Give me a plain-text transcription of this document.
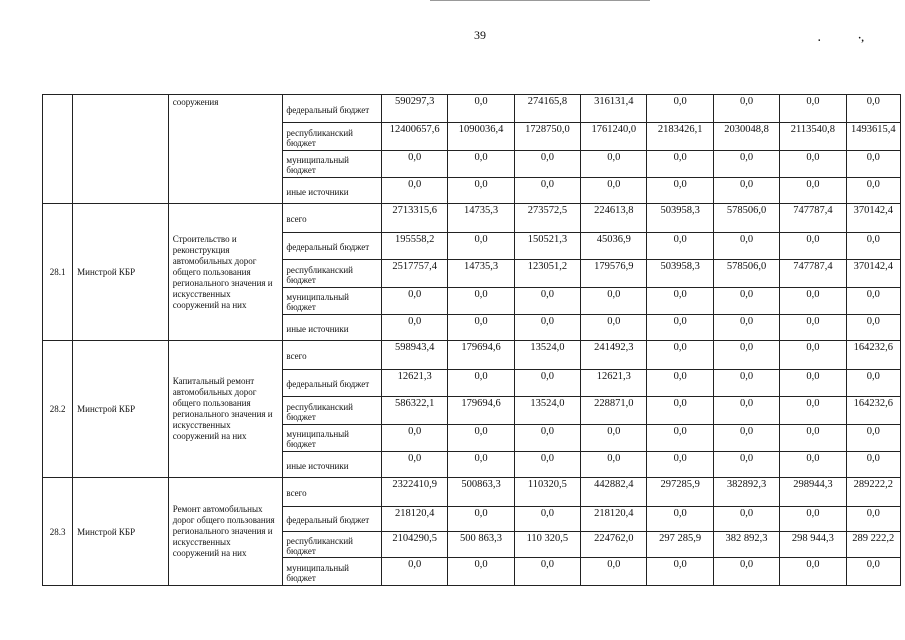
39	.	·,
		сооружения	федеральный бюджет	590297,3	0,0	274165,8	316131,4	0,0	0,0	0,0	0,0
			республиканский бюджет	12400657,6	1090036,4	1728750,0	1761240,0	2183426,1	2030048,8	2113540,8	1493615,4
			муниципальный бюджет	0,0	0,0	0,0	0,0	0,0	0,0	0,0	0,0
			иные источники	0,0	0,0	0,0	0,0	0,0	0,0	0,0	0,0
28.1	Минстрой КБР	Строительство и реконструкция автомобильных дорог общего пользования регионального значения и искусственных сооружений на них	всего	2713315,6	14735,3	273572,5	224613,8	503958,3	578506,0	747787,4	370142,4
			федеральный бюджет	195558,2	0,0	150521,3	45036,9	0,0	0,0	0,0	0,0
			республиканский бюджет	2517757,4	14735,3	123051,2	179576,9	503958,3	578506,0	747787,4	370142,4
			муниципальный бюджет	0,0	0,0	0,0	0,0	0,0	0,0	0,0	0,0
			иные источники	0,0	0,0	0,0	0,0	0,0	0,0	0,0	0,0
28.2	Минстрой КБР	Капитальный ремонт автомобильных дорог общего пользования регионального значения и искусственных сооружений на них	всего	598943,4	179694,6	13524,0	241492,3	0,0	0,0	0,0	164232,6
			федеральный бюджет	12621,3	0,0	0,0	12621,3	0,0	0,0	0,0	0,0
			республиканский бюджет	586322,1	179694,6	13524,0	228871,0	0,0	0,0	0,0	164232,6
			муниципальный бюджет	0,0	0,0	0,0	0,0	0,0	0,0	0,0	0,0
			иные источники	0,0	0,0	0,0	0,0	0,0	0,0	0,0	0,0
28.3	Минстрой КБР	Ремонт автомобильных дорог общего пользования регионального значения и искусственных сооружений на них	всего	2322410,9	500863,3	110320,5	442882,4	297285,9	382892,3	298944,3	289222,2
			федеральный бюджет	218120,4	0,0	0,0	218120,4	0,0	0,0	0,0	0,0
			республиканский бюджет	2104290,5	500 863,3	110 320,5	224762,0	297 285,9	382 892,3	298 944,3	289 222,2
			муниципальный бюджет	0,0	0,0	0,0	0,0	0,0	0,0	0,0	0,0
